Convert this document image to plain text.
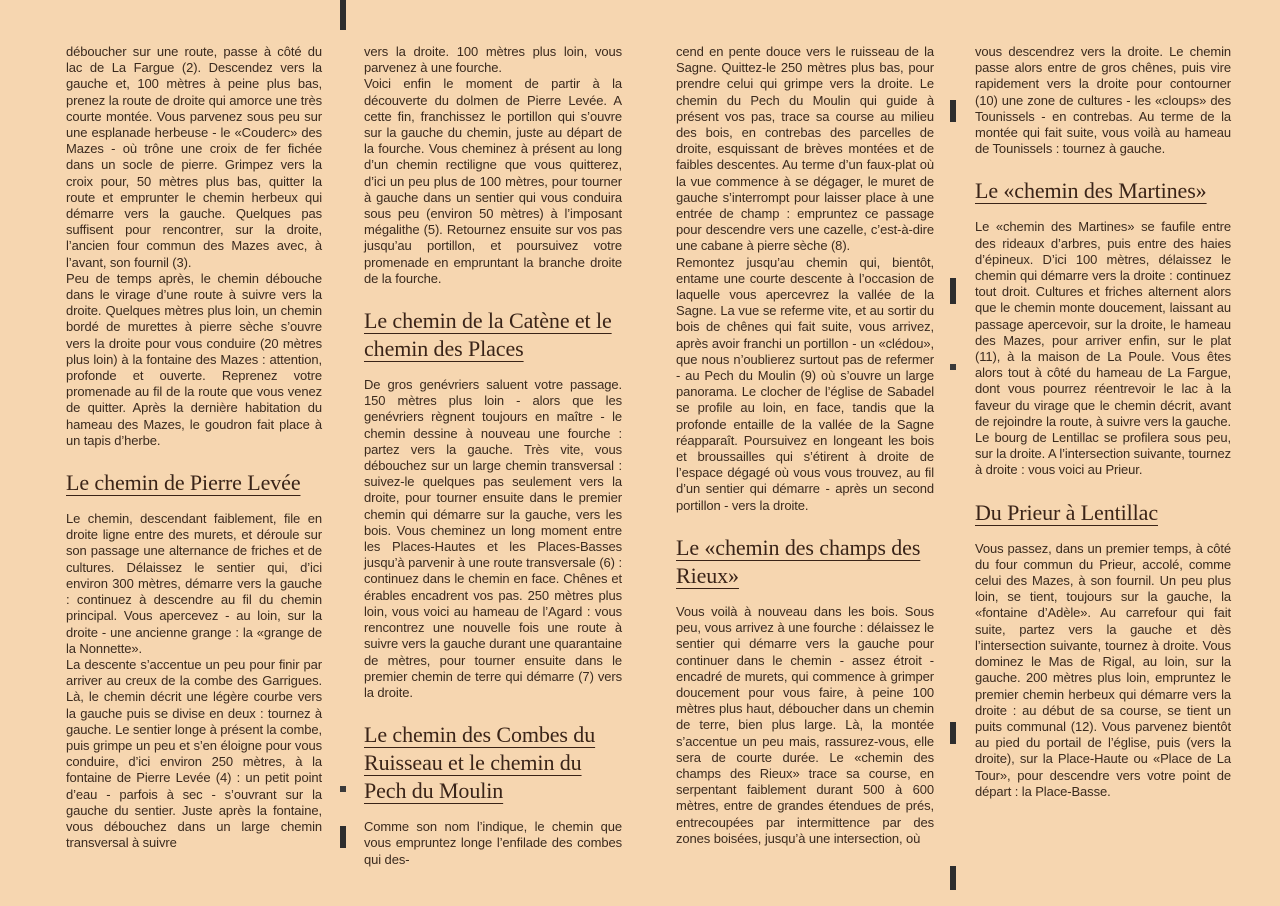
déboucher sur une route, passe à côté du lac de La Fargue (2). Descendez vers la gauche et, 100 mètres à peine plus bas, prenez la route de droite qui amorce une très courte montée. Vous parvenez sous peu sur une esplanade herbeuse - le «Couderc» des Mazes - où trône une croix de fer fichée dans un socle de pierre. Grimpez vers la croix pour, 50 mètres plus bas, quitter la route et emprunter le chemin herbeux qui démarre vers la gauche. Quelques pas suffisent pour rencontrer, sur la droite, l’ancien four commun des Mazes avec, à l’avant, son fournil (3).

Peu de temps après, le chemin débouche dans le virage d’une route à suivre vers la droite. Quelques mètres plus loin, un chemin bordé de murettes à pierre sèche s’ouvre vers la droite pour vous conduire (20 mètres plus loin) à la fontaine des Mazes : attention, profonde et ouverte. Reprenez votre promenade au fil de la route que vous venez de quitter. Après la dernière habitation du hameau des Mazes, le goudron fait place à un tapis d’herbe.

Le chemin de Pierre Levée

Le chemin, descendant faiblement, file en droite ligne entre des murets, et déroule sur son passage une alternance de friches et de cultures. Délaissez le sentier qui, d’ici environ 300 mètres, démarre vers la gauche : continuez à descendre au fil du chemin principal. Vous apercevez - au loin, sur la droite - une ancienne grange : la «grange de la Nonnette».

La descente s’accentue un peu pour finir par arriver au creux de la combe des Garrigues. Là, le chemin décrit une légère courbe vers la gauche puis se divise en deux : tournez à gauche. Le sentier longe à présent la combe, puis grimpe un peu et s’en éloigne pour vous conduire, d’ici environ 250 mètres, à la fontaine de Pierre Levée (4) : un petit point d’eau - parfois à sec - s’ouvrant sur la gauche du sentier. Juste après la fontaine, vous débouchez dans un large chemin transversal à suivre

vers la droite. 100 mètres plus loin, vous parvenez à une fourche.

Voici enfin le moment de partir à la découverte du dolmen de Pierre Levée. A cette fin, franchissez le portillon qui s’ouvre sur la gauche du chemin, juste au départ de la fourche. Vous cheminez à présent au long d’un chemin rectiligne que vous quitterez, d’ici un peu plus de 100 mètres, pour tourner à gauche dans un sentier qui vous conduira sous peu (environ 50 mètres) à l’imposant mégalithe (5). Retournez ensuite sur vos pas jusqu’au portillon, et poursuivez votre promenade en empruntant la branche droite de la fourche.

Le chemin de la Catène et le chemin des Places

De gros genévriers saluent votre passage. 150 mètres plus loin - alors que les genévriers règnent toujours en maître - le chemin dessine à nouveau une fourche : partez vers la gauche. Très vite, vous débouchez sur un large chemin transversal : suivez-le quelques pas seulement vers la droite, pour tourner ensuite dans le premier chemin qui démarre sur la gauche, vers les bois. Vous cheminez un long moment entre les Places-Hautes et les Places-Basses jusqu’à parvenir à une route transversale (6) : continuez dans le chemin en face. Chênes et érables encadrent vos pas. 250 mètres plus loin, vous voici au hameau de l’Agard : vous rencontrez une nouvelle fois une route à suivre vers la gauche durant une quarantaine de mètres, pour tourner ensuite dans le premier chemin de terre qui démarre (7) vers la droite.

Le chemin des Combes du Ruisseau et le chemin du Pech du Moulin

Comme son nom l’indique, le chemin que vous empruntez longe l’enfilade des combes qui des-

cend en pente douce vers le ruisseau de la Sagne. Quittez-le 250 mètres plus bas, pour prendre celui qui grimpe vers la droite. Le chemin du Pech du Moulin qui guide à présent vos pas, trace sa course au milieu des bois, en contrebas des parcelles de droite, esquissant de brèves montées et de faibles descentes. Au terme d’un faux-plat où la vue commence à se dégager, le muret de gauche s’interrompt pour laisser place à une entrée de champ : empruntez ce passage pour descendre vers une cazelle, c’est-à-dire une cabane à pierre sèche (8).

Remontez jusqu’au chemin qui, bientôt, entame une courte descente à l’occasion de laquelle vous apercevrez la vallée de la Sagne. La vue se referme vite, et au sortir du bois de chênes qui fait suite, vous arrivez, après avoir franchi un portillon - un «clédou», que nous n’oublierez surtout pas de refermer - au Pech du Moulin (9) où s’ouvre un large panorama. Le clocher de l’église de Sabadel se profile au loin, en face, tandis que la profonde entaille de la vallée de la Sagne réapparaît. Poursuivez en longeant les bois et broussailles qui s’étirent à droite de l’espace dégagé où vous vous trouvez, au fil d’un sentier qui démarre - après un second portillon - vers la droite.

Le «chemin des champs des Rieux»

Vous voilà à nouveau dans les bois. Sous peu, vous arrivez à une fourche : délaissez le sentier qui démarre vers la gauche pour continuer dans le chemin - assez étroit - encadré de murets, qui commence à grimper doucement pour vous faire, à peine 100 mètres plus haut, déboucher dans un chemin de terre, bien plus large. Là, la montée s’accentue un peu mais, rassurez-vous, elle sera de courte durée. Le «chemin des champs des Rieux» trace sa course, en serpentant faiblement durant 500 à 600 mètres, entre de grandes étendues de prés, entrecoupées par intermittence par des zones boisées, jusqu’à une intersection, où

vous descendrez vers la droite. Le chemin passe alors entre de gros chênes, puis vire rapidement vers la droite pour contourner (10) une zone de cultures - les «cloups» des Tounissels - en contrebas. Au terme de la montée qui fait suite, vous voilà au hameau de Tounissels : tournez à gauche.

Le «chemin des Martines»

Le «chemin des Martines» se faufile entre des rideaux d’arbres, puis entre des haies d’épineux. D’ici 100 mètres, délaissez le chemin qui démarre vers la droite : continuez tout droit. Cultures et friches alternent alors que le chemin monte doucement, laissant au passage apercevoir, sur la droite, le hameau des Mazes, pour arriver enfin, sur le plat (11), à la maison de La Poule. Vous êtes alors tout à côté du hameau de La Fargue, dont vous pourrez réentrevoir le lac à la faveur du virage que le chemin décrit, avant de rejoindre la route, à suivre vers la gauche. Le bourg de Lentillac se profilera sous peu, sur la droite. A l’intersection suivante, tournez à droite : vous voici au Prieur.

Du Prieur à Lentillac

Vous passez, dans un premier temps, à côté du four commun du Prieur, accolé, comme celui des Mazes, à son fournil. Un peu plus loin, se tient, toujours sur la gauche, la «fontaine d’Adèle». Au carrefour qui fait suite, partez vers la gauche et dès l’intersection suivante, tournez à droite. Vous dominez le Mas de Rigal, au loin, sur la gauche. 200 mètres plus loin, empruntez le premier chemin herbeux qui démarre vers la droite : au début de sa course, se tient un puits communal (12). Vous parvenez bientôt au pied du portail de l’église, puis (vers la droite), sur la Place-Haute ou «Place de La Tour», pour descendre vers votre point de départ : la Place-Basse.
